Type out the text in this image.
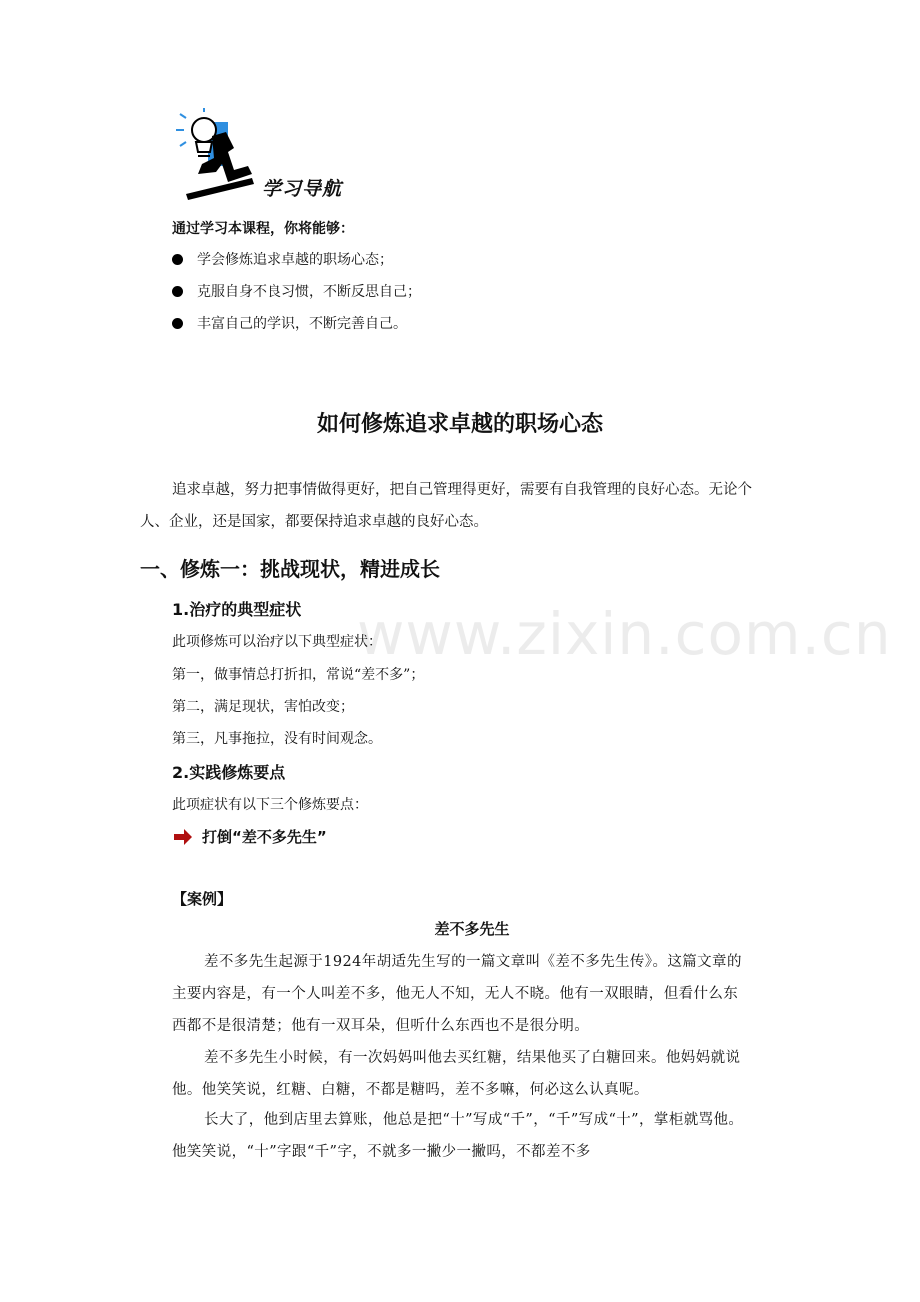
学习导航
通过学习本课程，你将能够：
学会修炼追求卓越的职场心态；
克服自身不良习惯，不断反思自己；
丰富自己的学识，不断完善自己。
如何修炼追求卓越的职场心态
追求卓越，努力把事情做得更好，把自己管理得更好，需要有自我管理的良好心态。无论个人、企业，还是国家，都要保持追求卓越的良好心态。
www.zixin.com.cn
一、修炼一：挑战现状，精进成长
1.治疗的典型症状
此项修炼可以治疗以下典型症状：
第一，做事情总打折扣，常说“差不多”；
第二，满足现状，害怕改变；
第三，凡事拖拉，没有时间观念。
2.实践修炼要点
此项症状有以下三个修炼要点：
打倒“差不多先生”
【案例】
差不多先生
差不多先生起源于1924年胡适先生写的一篇文章叫《差不多先生传》。这篇文章的主要内容是，有一个人叫差不多，他无人不知，无人不晓。他有一双眼睛，但看什么东西都不是很清楚；他有一双耳朵，但听什么东西也不是很分明。
差不多先生小时候，有一次妈妈叫他去买红糖，结果他买了白糖回来。他妈妈就说他。他笑笑说，红糖、白糖，不都是糖吗，差不多嘛，何必这么认真呢。
长大了，他到店里去算账，他总是把“十”写成“千”，“千”写成“十”，掌柜就骂他。他笑笑说，“十”字跟“千”字，不就多一撇少一撇吗，不都差不多
